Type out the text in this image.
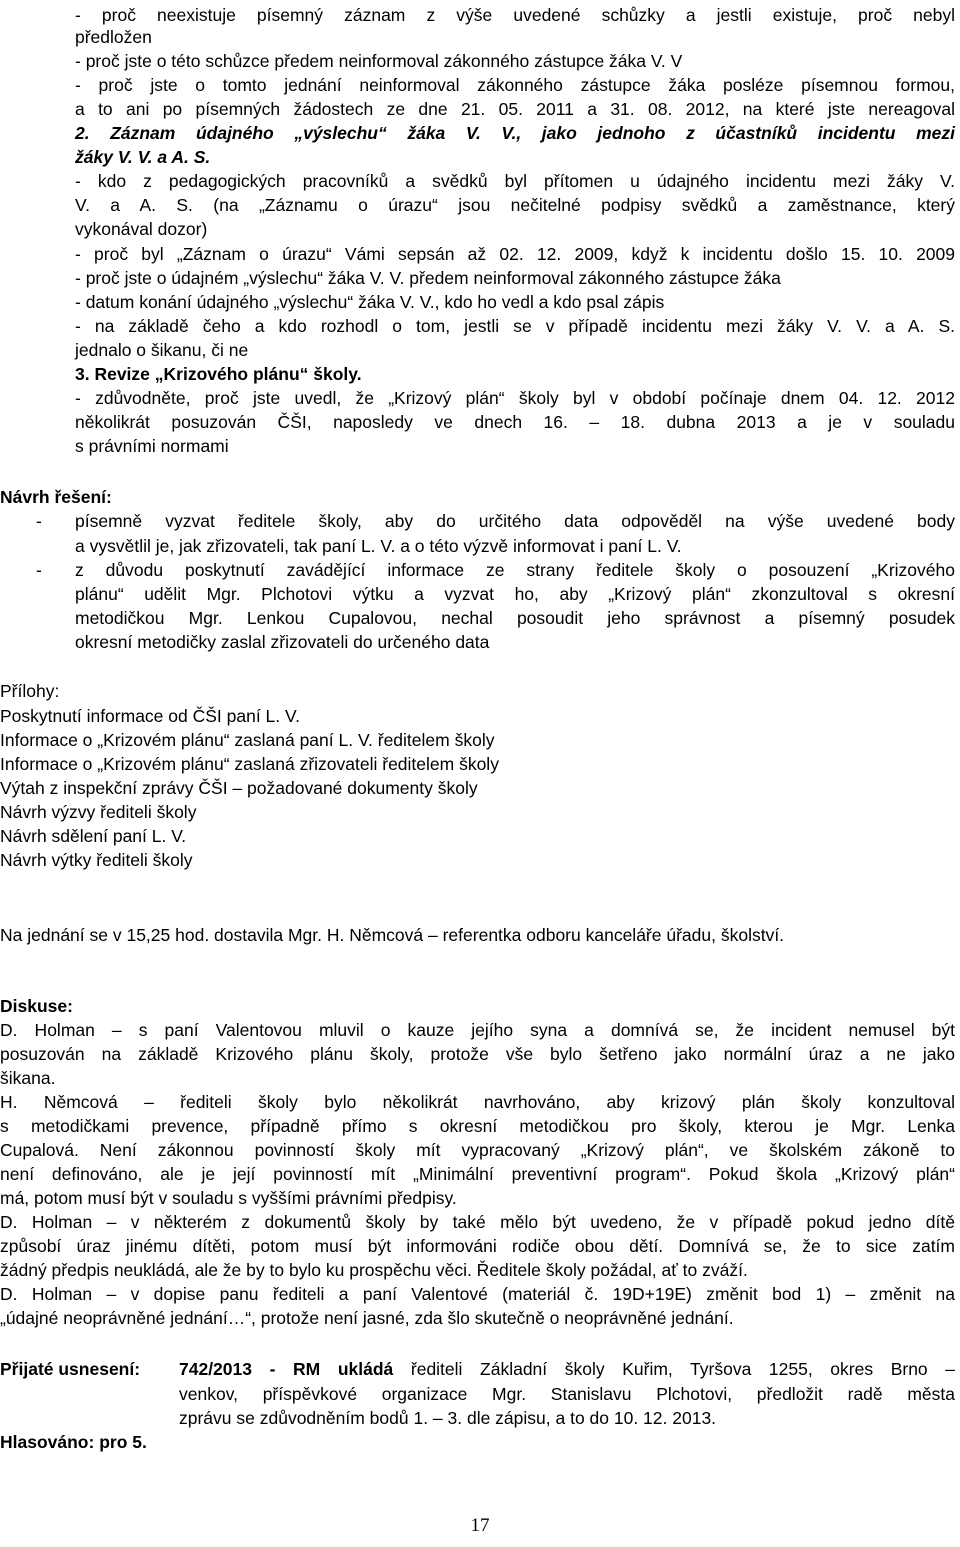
- proč neexistuje písemný záznam z výše uvedené schůzky a jestli existuje, proč nebyl
předložen
- proč jste o této schůzce předem neinformoval zákonného zástupce žáka V. V
- proč jste o tomto jednání neinformoval zákonného zástupce žáka posléze písemnou formou,
a to ani po písemných žádostech ze dne 21. 05. 2011 a 31. 08. 2012, na které jste nereagoval
2. Záznam údajného „výslechu“ žáka V. V., jako jednoho z účastníků incidentu mezi
žáky V. V. a A. S.
- kdo z pedagogických pracovníků a svědků byl přítomen u údajného incidentu mezi žáky V.
V. a A. S. (na „Záznamu o úrazu“ jsou nečitelné podpisy svědků a zaměstnance, který
vykonával dozor)
- proč byl „Záznam o úrazu“ Vámi sepsán až 02. 12. 2009, když k incidentu došlo 15. 10. 2009
- proč jste o údajném „výslechu“ žáka V. V. předem neinformoval zákonného zástupce žáka
- datum konání údajného „výslechu“ žáka V. V., kdo ho vedl a kdo psal zápis
- na základě čeho a kdo rozhodl o tom, jestli se v případě incidentu mezi žáky V. V. a A. S.
jednalo o šikanu, či ne
3. Revize „Krizového plánu“ školy.
- zdůvodněte, proč jste uvedl, že „Krizový plán“ školy byl v období počínaje dnem 04. 12. 2012
několikrát posuzován ČŠI, naposledy ve dnech 16. – 18. dubna 2013 a je v souladu
s právními normami
Návrh řešení:
- písemně vyzvat ředitele školy, aby do určitého data odpověděl na výše uvedené body
a vysvětlil je, jak zřizovateli, tak paní L. V. a o této výzvě informovat i paní L. V.
- z důvodu poskytnutí zavádějící informace ze strany ředitele školy o posouzení „Krizového
plánu“ udělit Mgr. Plchotovi výtku a vyzvat ho, aby „Krizový plán“ zkonzultoval s okresní
metodičkou Mgr. Lenkou Cupalovou, nechal posoudit jeho správnost a písemný posudek
okresní metodičky zaslal zřizovateli do určeného data
Přílohy:
Poskytnutí informace od ČŠI paní L. V.
Informace o „Krizovém plánu“ zaslaná paní L. V. ředitelem školy
Informace o „Krizovém plánu“ zaslaná zřizovateli ředitelem školy
Výtah z inspekční zprávy ČŠI – požadované dokumenty školy
Návrh výzvy řediteli školy
Návrh sdělení paní L. V.
Návrh výtky řediteli školy
Na jednání se v 15,25 hod. dostavila Mgr. H. Němcová – referentka odboru kanceláře úřadu, školství.
Diskuse:
D. Holman – s paní Valentovou mluvil o kauze jejího syna a domnívá se, že incident nemusel být
posuzován na základě Krizového plánu školy, protože vše bylo šetřeno jako normální úraz a ne jako
šikana.
H. Němcová – řediteli školy bylo několikrát navrhováno, aby krizový plán školy konzultoval
s metodičkami prevence, případně přímo s okresní metodičkou pro školy, kterou je Mgr. Lenka
Cupalová. Není zákonnou povinností školy mít vypracovaný „Krizový plán“, ve školském zákoně to
není definováno, ale je její povinností mít „Minimální preventivní program“. Pokud škola „Krizový plán“
má, potom musí být v souladu s vyššími právními předpisy.
D. Holman – v některém z dokumentů školy by také mělo být uvedeno, že v případě pokud jedno dítě
způsobí úraz jinému dítěti, potom musí být informováni rodiče obou dětí. Domnívá se, že to sice zatím
žádný předpis neukládá, ale že by to bylo ku prospěchu věci. Ředitele školy požádal, ať to zváží.
D. Holman – v dopise panu řediteli a paní Valentové (materiál č. 19D+19E) změnit bod 1) – změnit na
„údajné neoprávněné jednání…“, protože není jasné, zda šlo skutečně o neoprávněné jednání.
Přijaté usnesení: 742/2013 - RM ukládá řediteli Základní školy Kuřim, Tyršova 1255, okres Brno –
venkov, příspěvkové organizace Mgr. Stanislavu Plchotovi, předložit radě města
zprávu se zdůvodněním bodů 1. – 3. dle zápisu, a to do 10. 12. 2013.
Hlasováno: pro 5.
17
